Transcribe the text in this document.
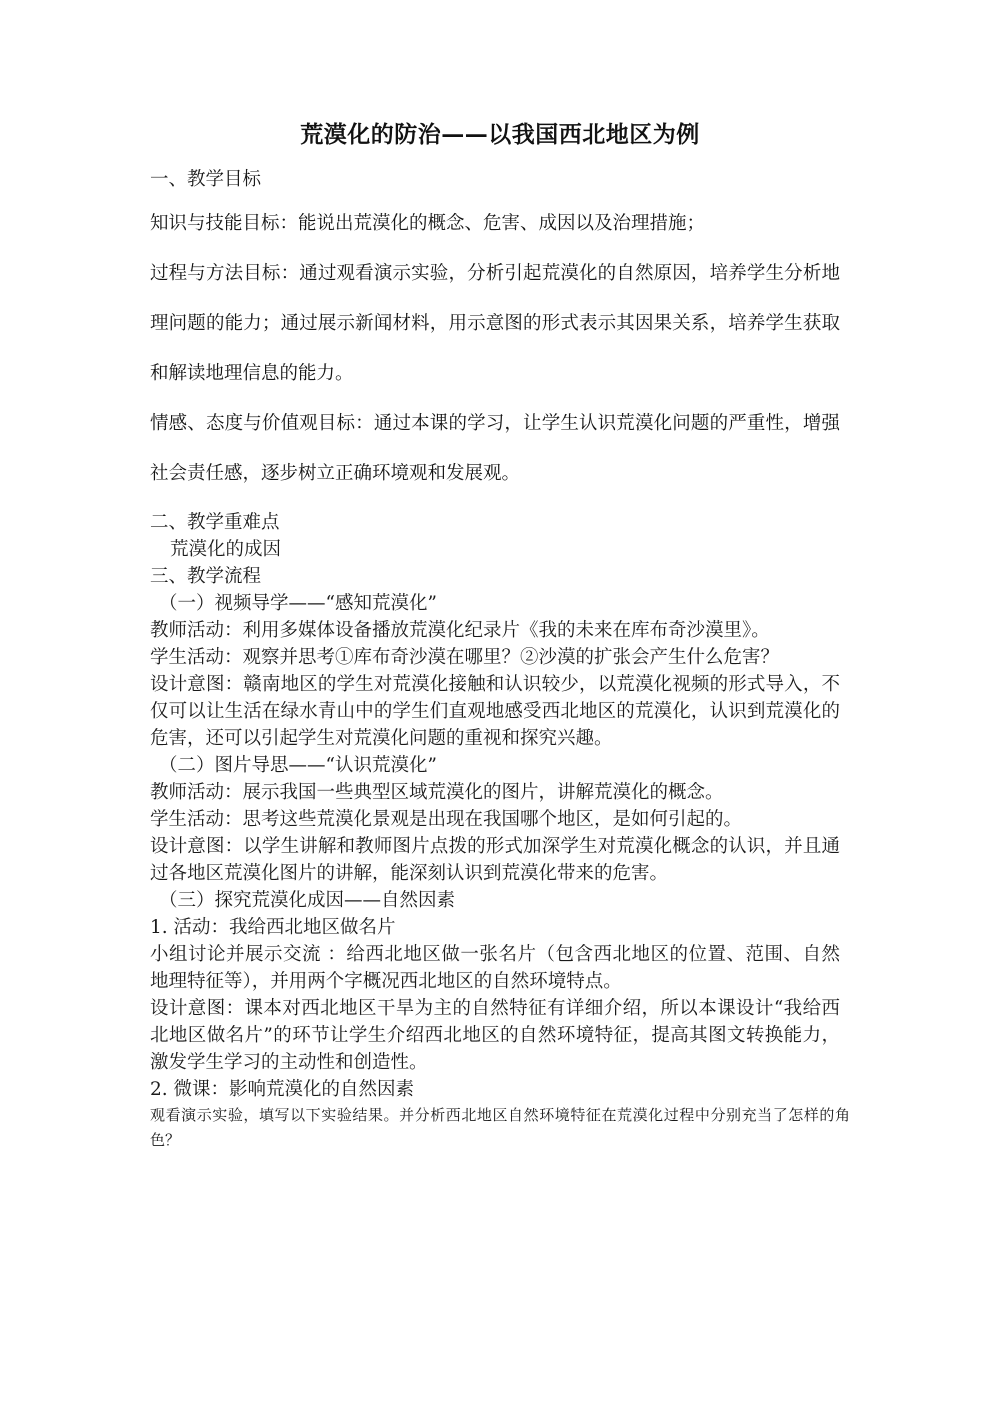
荒漠化的防治——以我国西北地区为例

一、教学目标

知识与技能目标：能说出荒漠化的概念、危害、成因以及治理措施；

过程与方法目标：通过观看演示实验，分析引起荒漠化的自然原因，培养学生分析地理问题的能力；通过展示新闻材料，用示意图的形式表示其因果关系，培养学生获取和解读地理信息的能力。

情感、态度与价值观目标：通过本课的学习，让学生认识荒漠化问题的严重性，增强社会责任感，逐步树立正确环境观和发展观。

二、教学重难点

荒漠化的成因

三、教学流程

（一）视频导学——“感知荒漠化”

教师活动：利用多媒体设备播放荒漠化纪录片《我的未来在库布奇沙漠里》。

学生活动：观察并思考①库布奇沙漠在哪里？②沙漠的扩张会产生什么危害？

设计意图：赣南地区的学生对荒漠化接触和认识较少，以荒漠化视频的形式导入，不仅可以让生活在绿水青山中的学生们直观地感受西北地区的荒漠化，认识到荒漠化的危害，还可以引起学生对荒漠化问题的重视和探究兴趣。

（二）图片导思——“认识荒漠化”

教师活动：展示我国一些典型区域荒漠化的图片，讲解荒漠化的概念。

学生活动：思考这些荒漠化景观是出现在我国哪个地区，是如何引起的。

设计意图：以学生讲解和教师图片点拨的形式加深学生对荒漠化概念的认识，并且通过各地区荒漠化图片的讲解，能深刻认识到荒漠化带来的危害。

（三）探究荒漠化成因——自然因素

1. 活动：我给西北地区做名片

小组讨论并展示交流 ：给西北地区做一张名片（包含西北地区的位置、范围、自然地理特征等），并用两个字概况西北地区的自然环境特点。

设计意图：课本对西北地区干旱为主的自然特征有详细介绍，所以本课设计“我给西北地区做名片”的环节让学生介绍西北地区的自然环境特征，提高其图文转换能力，激发学生学习的主动性和创造性。

2. 微课：影响荒漠化的自然因素

观看演示实验，填写以下实验结果。并分析西北地区自然环境特征在荒漠化过程中分别充当了怎样的角色？
